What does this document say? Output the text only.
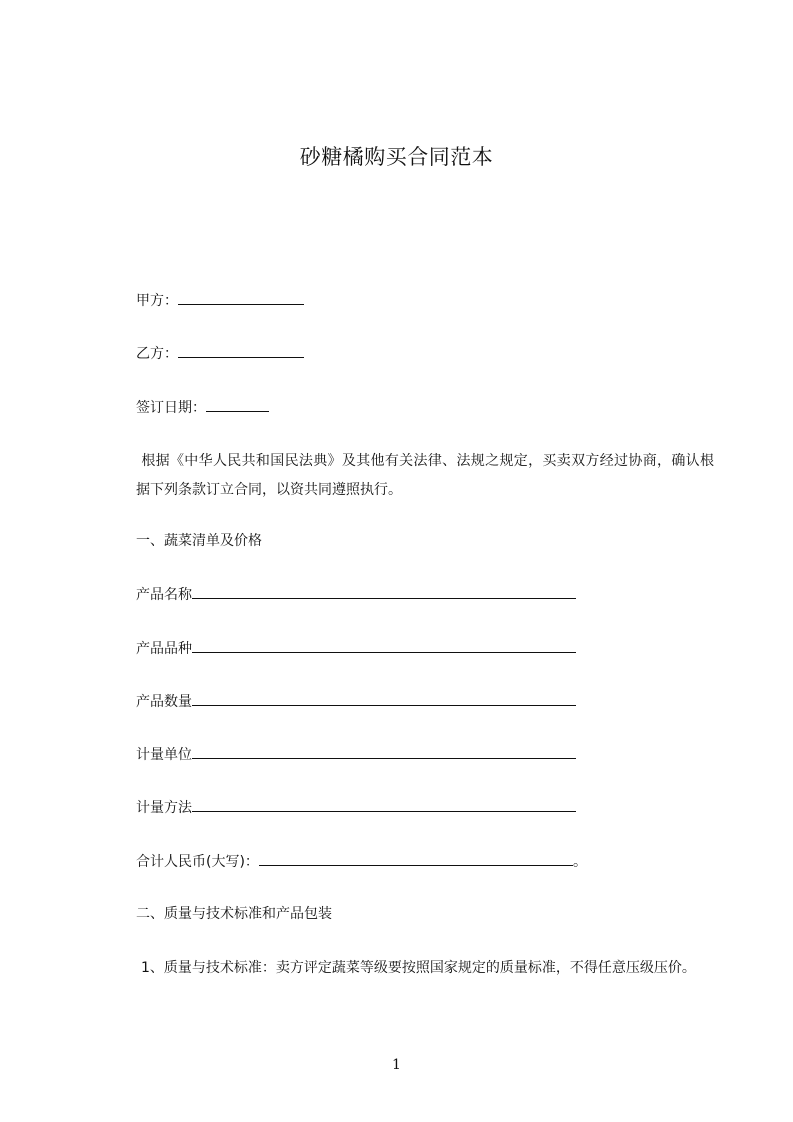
砂糖橘购买合同范本
甲方：
乙方：
签订日期：
根据《中华人民共和国民法典》及其他有关法律、法规之规定，买卖双方经过协商，确认根据下列条款订立合同，以资共同遵照执行。
一、蔬菜清单及价格
产品名称
产品品种
产品数量
计量单位
计量方法
合计人民币(大写)：	。
二、质量与技术标准和产品包装
1、质量与技术标准：卖方评定蔬菜等级要按照国家规定的质量标准，不得任意压级压价。
1
